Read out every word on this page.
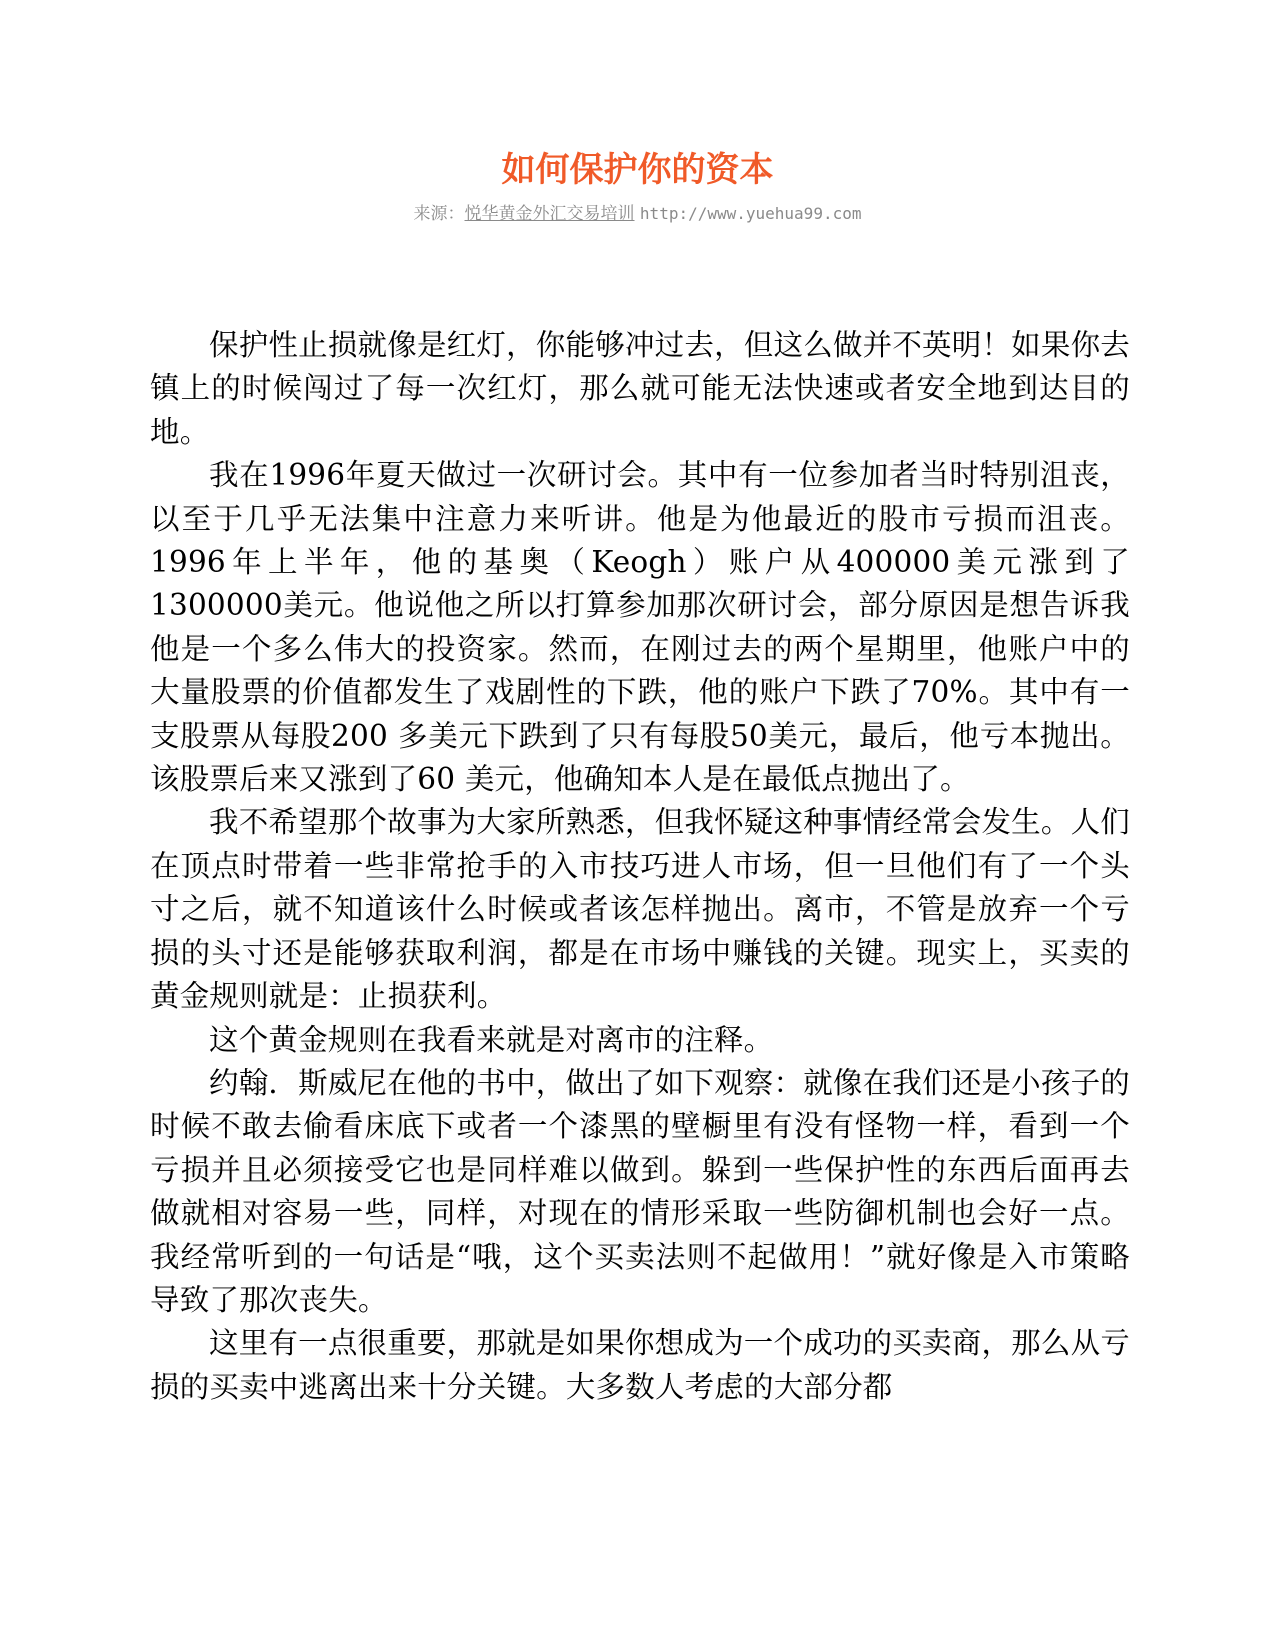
如何保护你的资本
来源：悦华黄金外汇交易培训 http://www.yuehua99.com

保护性止损就像是红灯，你能够冲过去，但这么做并不英明！如果你去镇上的时候闯过了每一次红灯，那么就可能无法快速或者安全地到达目的地。

我在1996年夏天做过一次研讨会。其中有一位参加者当时特别沮丧，以至于几乎无法集中注意力来听讲。他是为他最近的股市亏损而沮丧。1996年上半年，他的基奥（Keogh）账户从400000美元涨到了1300000美元。他说他之所以打算参加那次研讨会，部分原因是想告诉我他是一个多么伟大的投资家。然而，在刚过去的两个星期里，他账户中的大量股票的价值都发生了戏剧性的下跌，他的账户下跌了70%。其中有一支股票从每股200 多美元下跌到了只有每股50美元，最后，他亏本抛出。该股票后来又涨到了60 美元，他确知本人是在最低点抛出了。

我不希望那个故事为大家所熟悉，但我怀疑这种事情经常会发生。人们在顶点时带着一些非常抢手的入市技巧进人市场，但一旦他们有了一个头寸之后，就不知道该什么时候或者该怎样抛出。离市，不管是放弃一个亏损的头寸还是能够获取利润，都是在市场中赚钱的关键。现实上，买卖的黄金规则就是：止损获利。

这个黄金规则在我看来就是对离市的注释。

约翰．斯威尼在他的书中，做出了如下观察：就像在我们还是小孩子的时候不敢去偷看床底下或者一个漆黑的壁橱里有没有怪物一样，看到一个亏损并且必须接受它也是同样难以做到。躲到一些保护性的东西后面再去做就相对容易一些，同样，对现在的情形采取一些防御机制也会好一点。我经常听到的一句话是“哦，这个买卖法则不起做用！”就好像是入市策略导致了那次丧失。

这里有一点很重要，那就是如果你想成为一个成功的买卖商，那么从亏损的买卖中逃离出来十分关键。大多数人考虑的大部分都
